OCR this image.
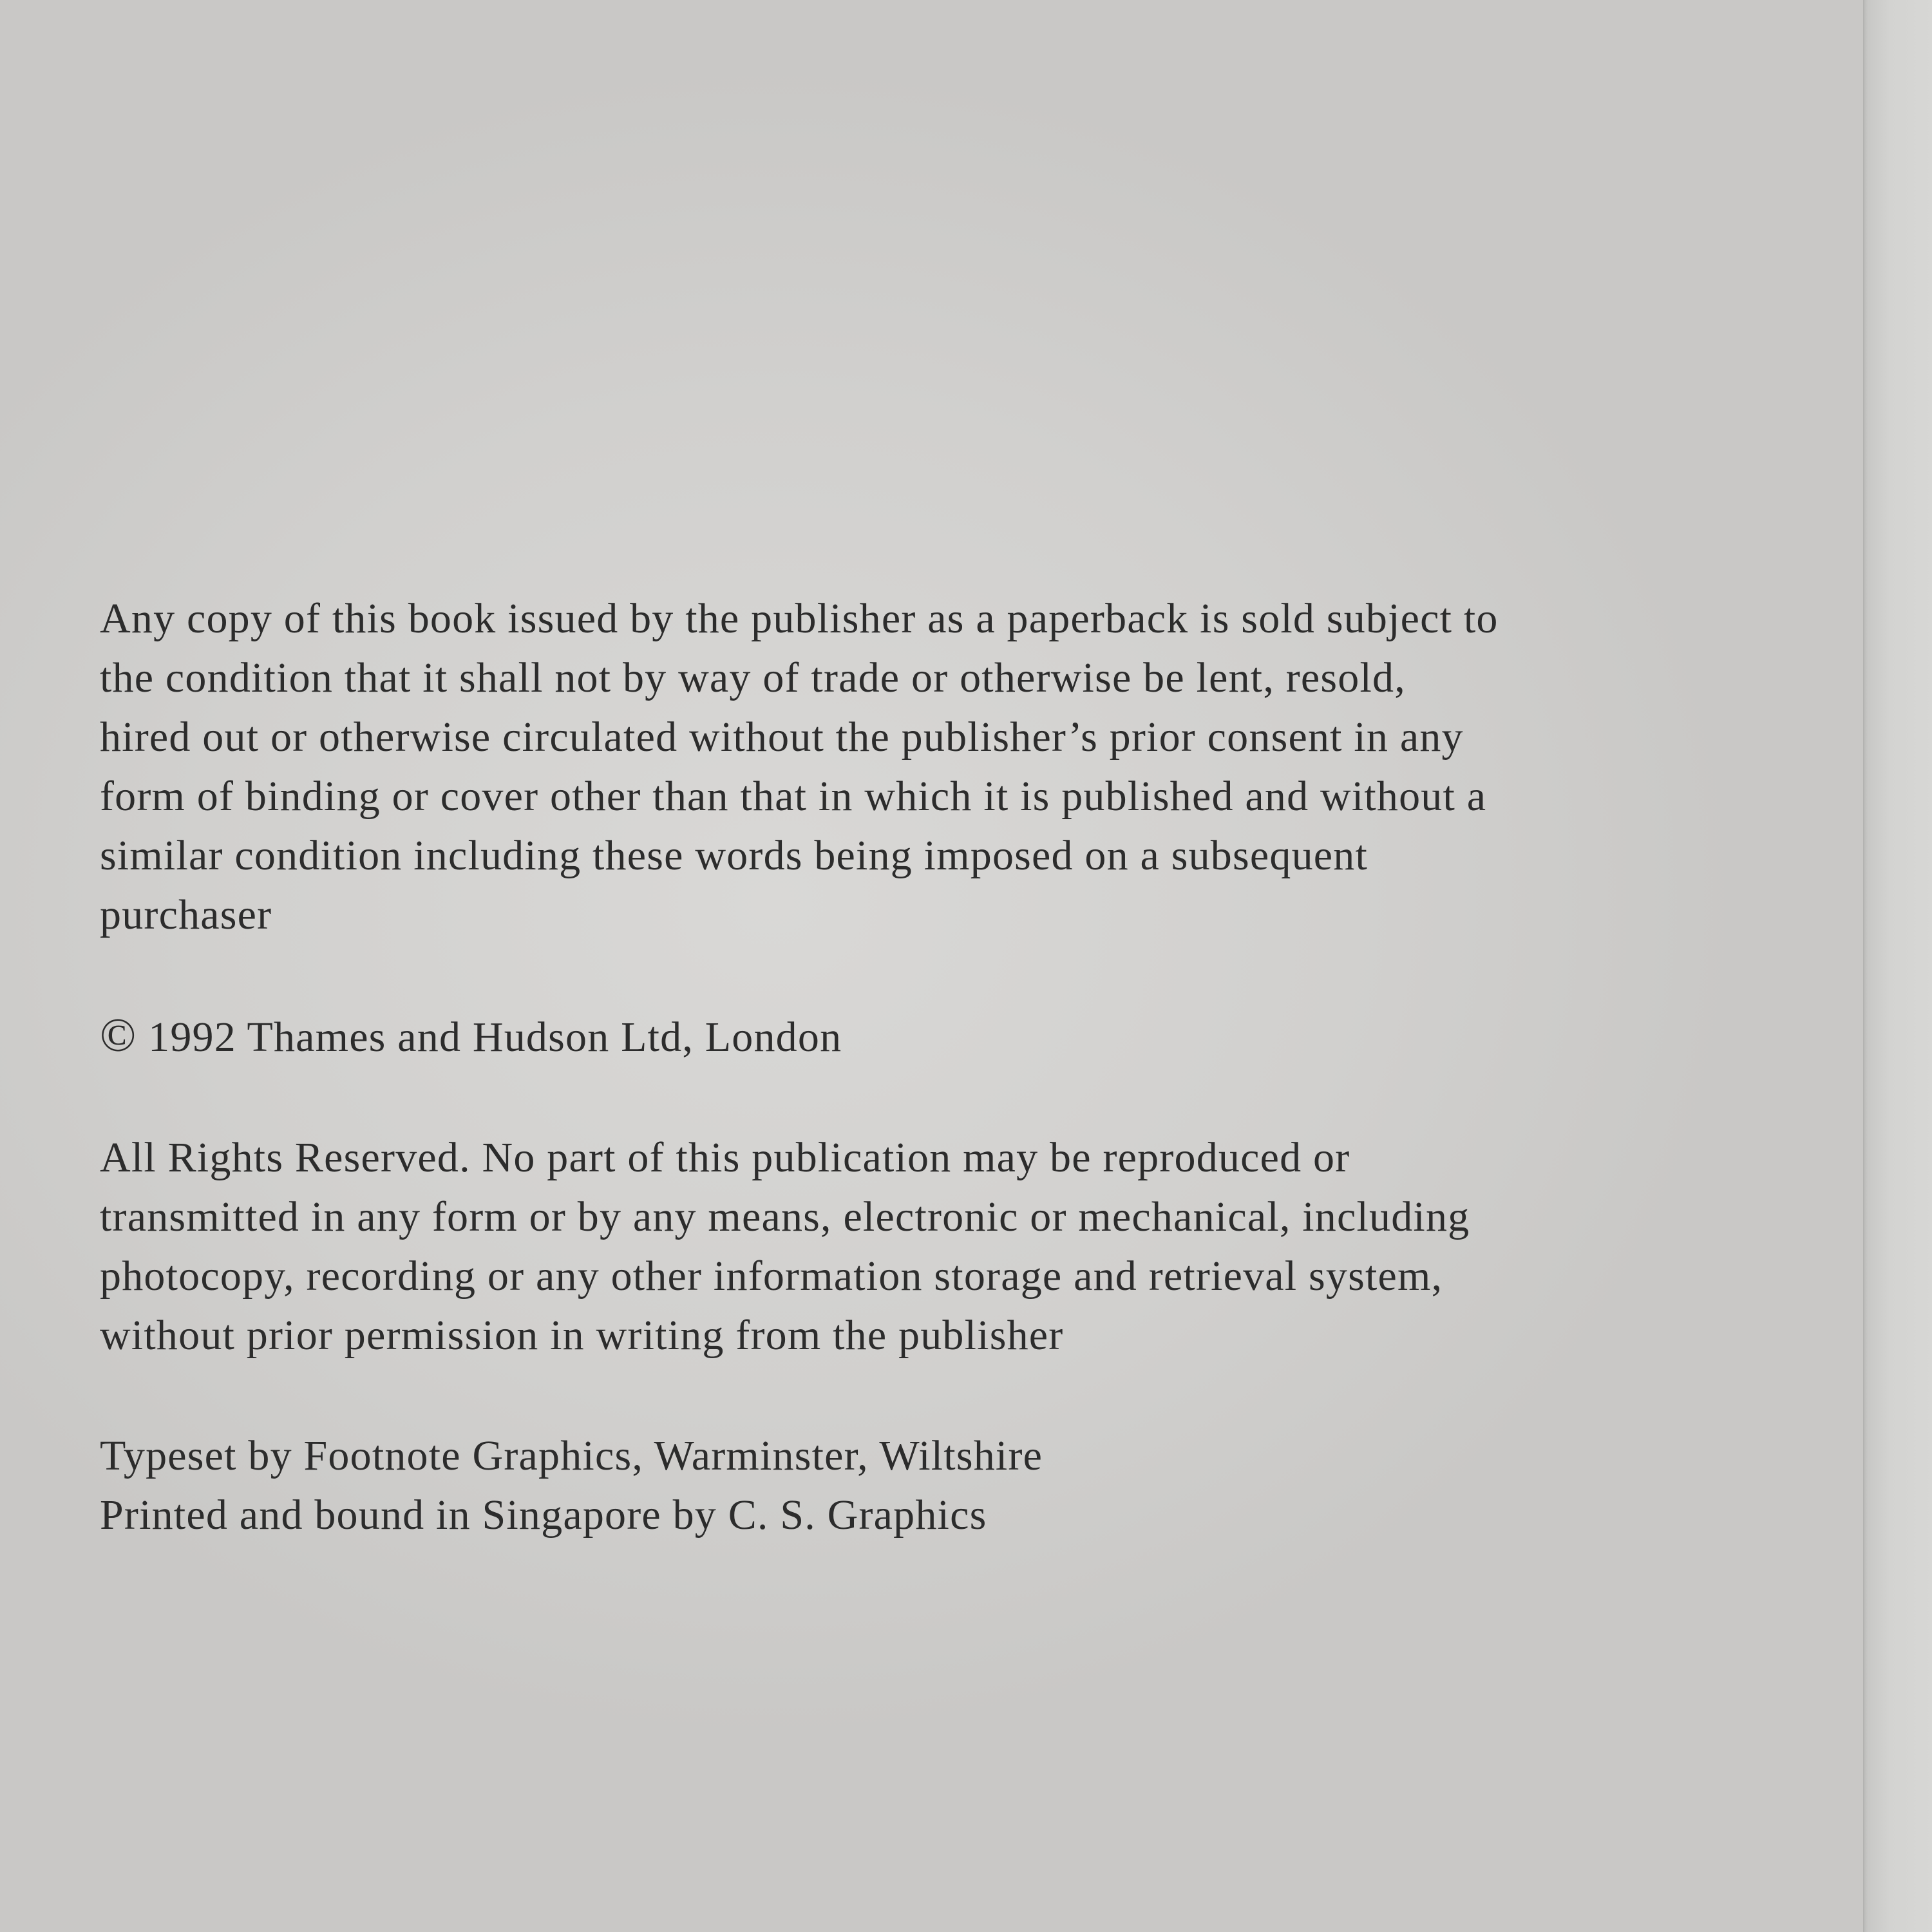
Any copy of this book issued by the publisher as a paperback is sold subject to
the condition that it shall not by way of trade or otherwise be lent, resold,
hired out or otherwise circulated without the publisher’s prior consent in any
form of binding or cover other than that in which it is published and without a
similar condition including these words being imposed on a subsequent
purchaser
© 1992 Thames and Hudson Ltd, London
All Rights Reserved. No part of this publication may be reproduced or
transmitted in any form or by any means, electronic or mechanical, including
photocopy, recording or any other information storage and retrieval system,
without prior permission in writing from the publisher
Typeset by Footnote Graphics, Warminster, Wiltshire
Printed and bound in Singapore by C. S. Graphics
